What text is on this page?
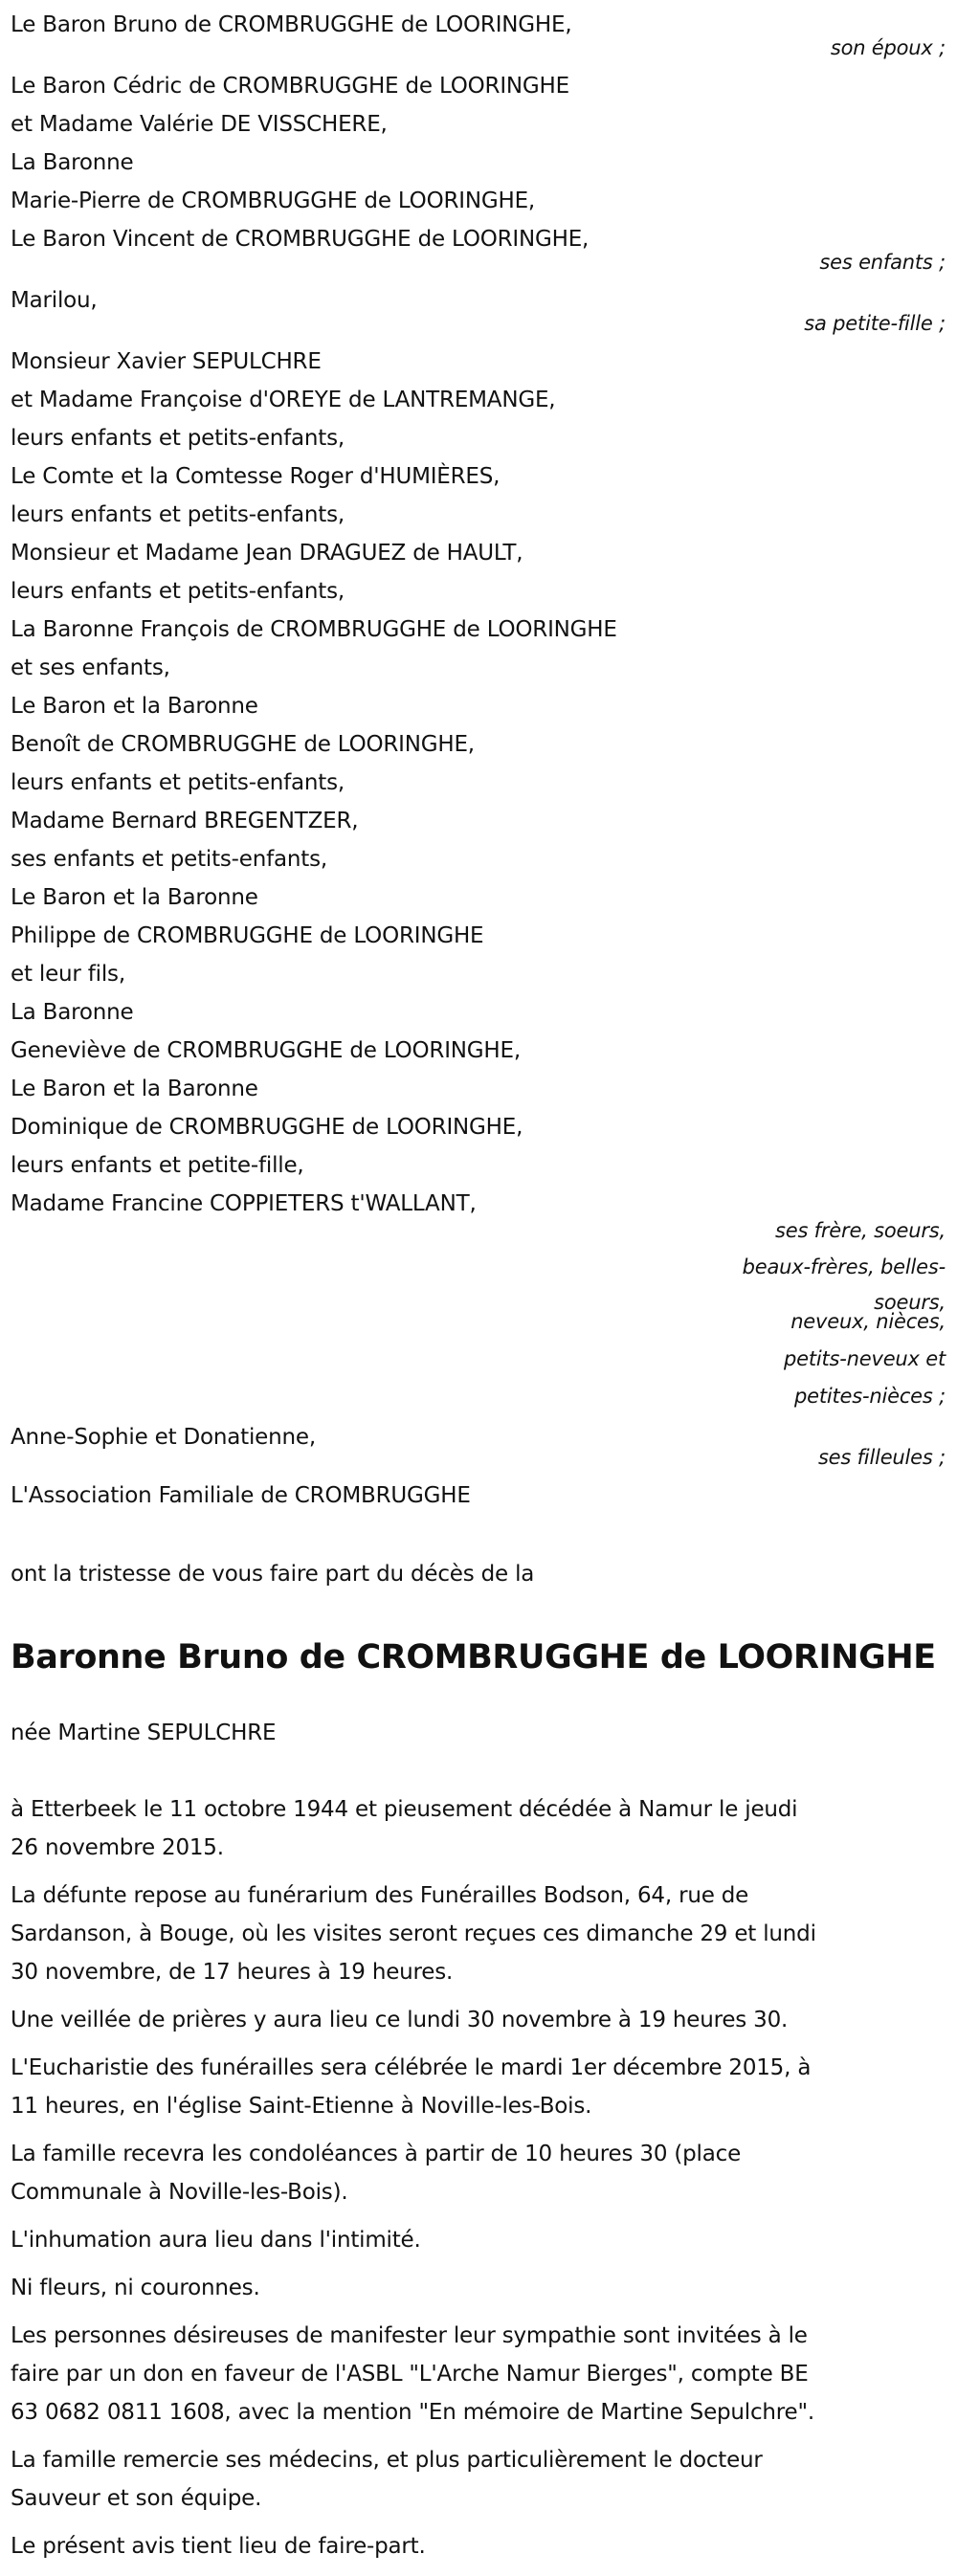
Le Baron Bruno de CROMBRUGGHE de LOORINGHE,
son époux ;
Le Baron Cédric de CROMBRUGGHE de LOORINGHE
et Madame Valérie DE VISSCHERE,
La Baronne
Marie-Pierre de CROMBRUGGHE de LOORINGHE,
Le Baron Vincent de CROMBRUGGHE de LOORINGHE,
ses enfants ;
Marilou,
sa petite-fille ;
Monsieur Xavier SEPULCHRE
et Madame Françoise d'OREYE de LANTREMANGE,
leurs enfants et petits-enfants,
Le Comte et la Comtesse Roger d'HUMIÈRES,
leurs enfants et petits-enfants,
Monsieur et Madame Jean DRAGUEZ de HAULT,
leurs enfants et petits-enfants,
La Baronne François de CROMBRUGGHE de LOORINGHE
et ses enfants,
Le Baron et la Baronne
Benoît de CROMBRUGGHE de LOORINGHE,
leurs enfants et petits-enfants,
Madame Bernard BREGENTZER,
ses enfants et petits-enfants,
Le Baron et la Baronne
Philippe de CROMBRUGGHE de LOORINGHE
et leur fils,
La Baronne
Geneviève de CROMBRUGGHE de LOORINGHE,
Le Baron et la Baronne
Dominique de CROMBRUGGHE de LOORINGHE,
leurs enfants et petite-fille,
Madame Francine COPPIETERS t'WALLANT,
ses frère, soeurs,
beaux-frères, belles-
soeurs,
neveux, nièces,
petits-neveux et
petites-nièces ;
Anne-Sophie et Donatienne,
ses filleules ;
L'Association Familiale de CROMBRUGGHE
ont la tristesse de vous faire part du décès de la
Baronne Bruno de CROMBRUGGHE de LOORINGHE
née Martine SEPULCHRE
à Etterbeek le 11 octobre 1944 et pieusement décédée à Namur le jeudi
26 novembre 2015.
La défunte repose au funérarium des Funérailles Bodson, 64, rue de
Sardanson, à Bouge, où les visites seront reçues ces dimanche 29 et lundi
30 novembre, de 17 heures à 19 heures.
Une veillée de prières y aura lieu ce lundi 30 novembre à 19 heures 30.
L'Eucharistie des funérailles sera célébrée le mardi 1er décembre 2015, à
11 heures, en l'église Saint-Etienne à Noville-les-Bois.
La famille recevra les condoléances à partir de 10 heures 30 (place
Communale à Noville-les-Bois).
L'inhumation aura lieu dans l'intimité.
Ni fleurs, ni couronnes.
Les personnes désireuses de manifester leur sympathie sont invitées à le
faire par un don en faveur de l'ASBL "L'Arche Namur Bierges", compte BE
63 0682 0811 1608, avec la mention "En mémoire de Martine Sepulchre".
La famille remercie ses médecins, et plus particulièrement le docteur
Sauveur et son équipe.
Le présent avis tient lieu de faire-part.
